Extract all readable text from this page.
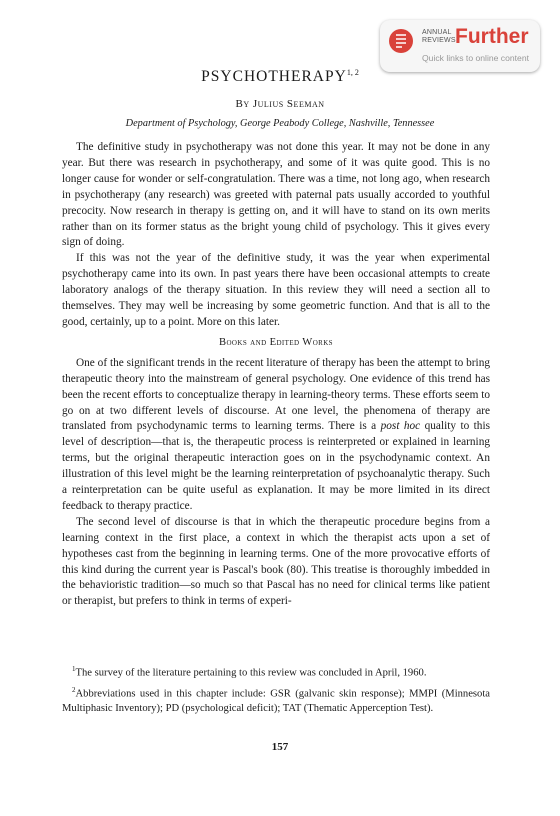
ANNUAL
REVIEWS Further
Quick links to online content
PSYCHOTHERAPY$^{1, 2}$
By Julius Seeman
Department of Psychology, George Peabody College, Nashville, Tennessee

The definitive study in psychotherapy was not done this year. It may not be done in any year. But there was research in psychotherapy, and some of it was quite good. This is no longer cause for wonder or self-congratulation. There was a time, not long ago, when research in psychotherapy (any research) was greeted with paternal pats usually accorded to youthful precocity. Now research in therapy is getting on, and it will have to stand on its own merits rather than on its former status as the bright young child of psychology. This it gives every sign of doing.

If this was not the year of the definitive study, it was the year when experimental psychotherapy came into its own. In past years there have been occasional attempts to create laboratory analogs of the therapy situation. In this review they will need a section all to themselves. They may well be increasing by some geometric function. And that is all to the good, certainly, up to a point. More on this later.

Books and Edited Works

One of the significant trends in the recent literature of therapy has been the attempt to bring therapeutic theory into the mainstream of general psychology. One evidence of this trend has been the recent efforts to conceptualize therapy in learning-theory terms. These efforts seem to go on at two different levels of discourse. At one level, the phenomena of therapy are translated from psychodynamic terms to learning terms. There is a post hoc quality to this level of description—that is, the therapeutic process is reinterpreted or explained in learning terms, but the original therapeutic interaction goes on in the psychodynamic context. An illustration of this level might be the learning reinterpretation of psychoanalytic therapy. Such a reinterpretation can be quite useful as explanation. It may be more limited in its direct feedback to therapy practice.

The second level of discourse is that in which the therapeutic procedure begins from a learning context in the first place, a context in which the therapist acts upon a set of hypotheses cast from the beginning in learning terms. One of the more provocative efforts of this kind during the current year is Pascal's book (80). This treatise is thoroughly imbedded in the behavioristic tradition—so much so that Pascal has no need for clinical terms like patient or therapist, but prefers to think in terms of experi-

$^1$The survey of the literature pertaining to this review was concluded in April, 1960.

$^2$Abbreviations used in this chapter include: GSR (galvanic skin response); MMPI (Minnesota Multiphasic Inventory); PD (psychological deficit); TAT (Thematic Apperception Test).

157
